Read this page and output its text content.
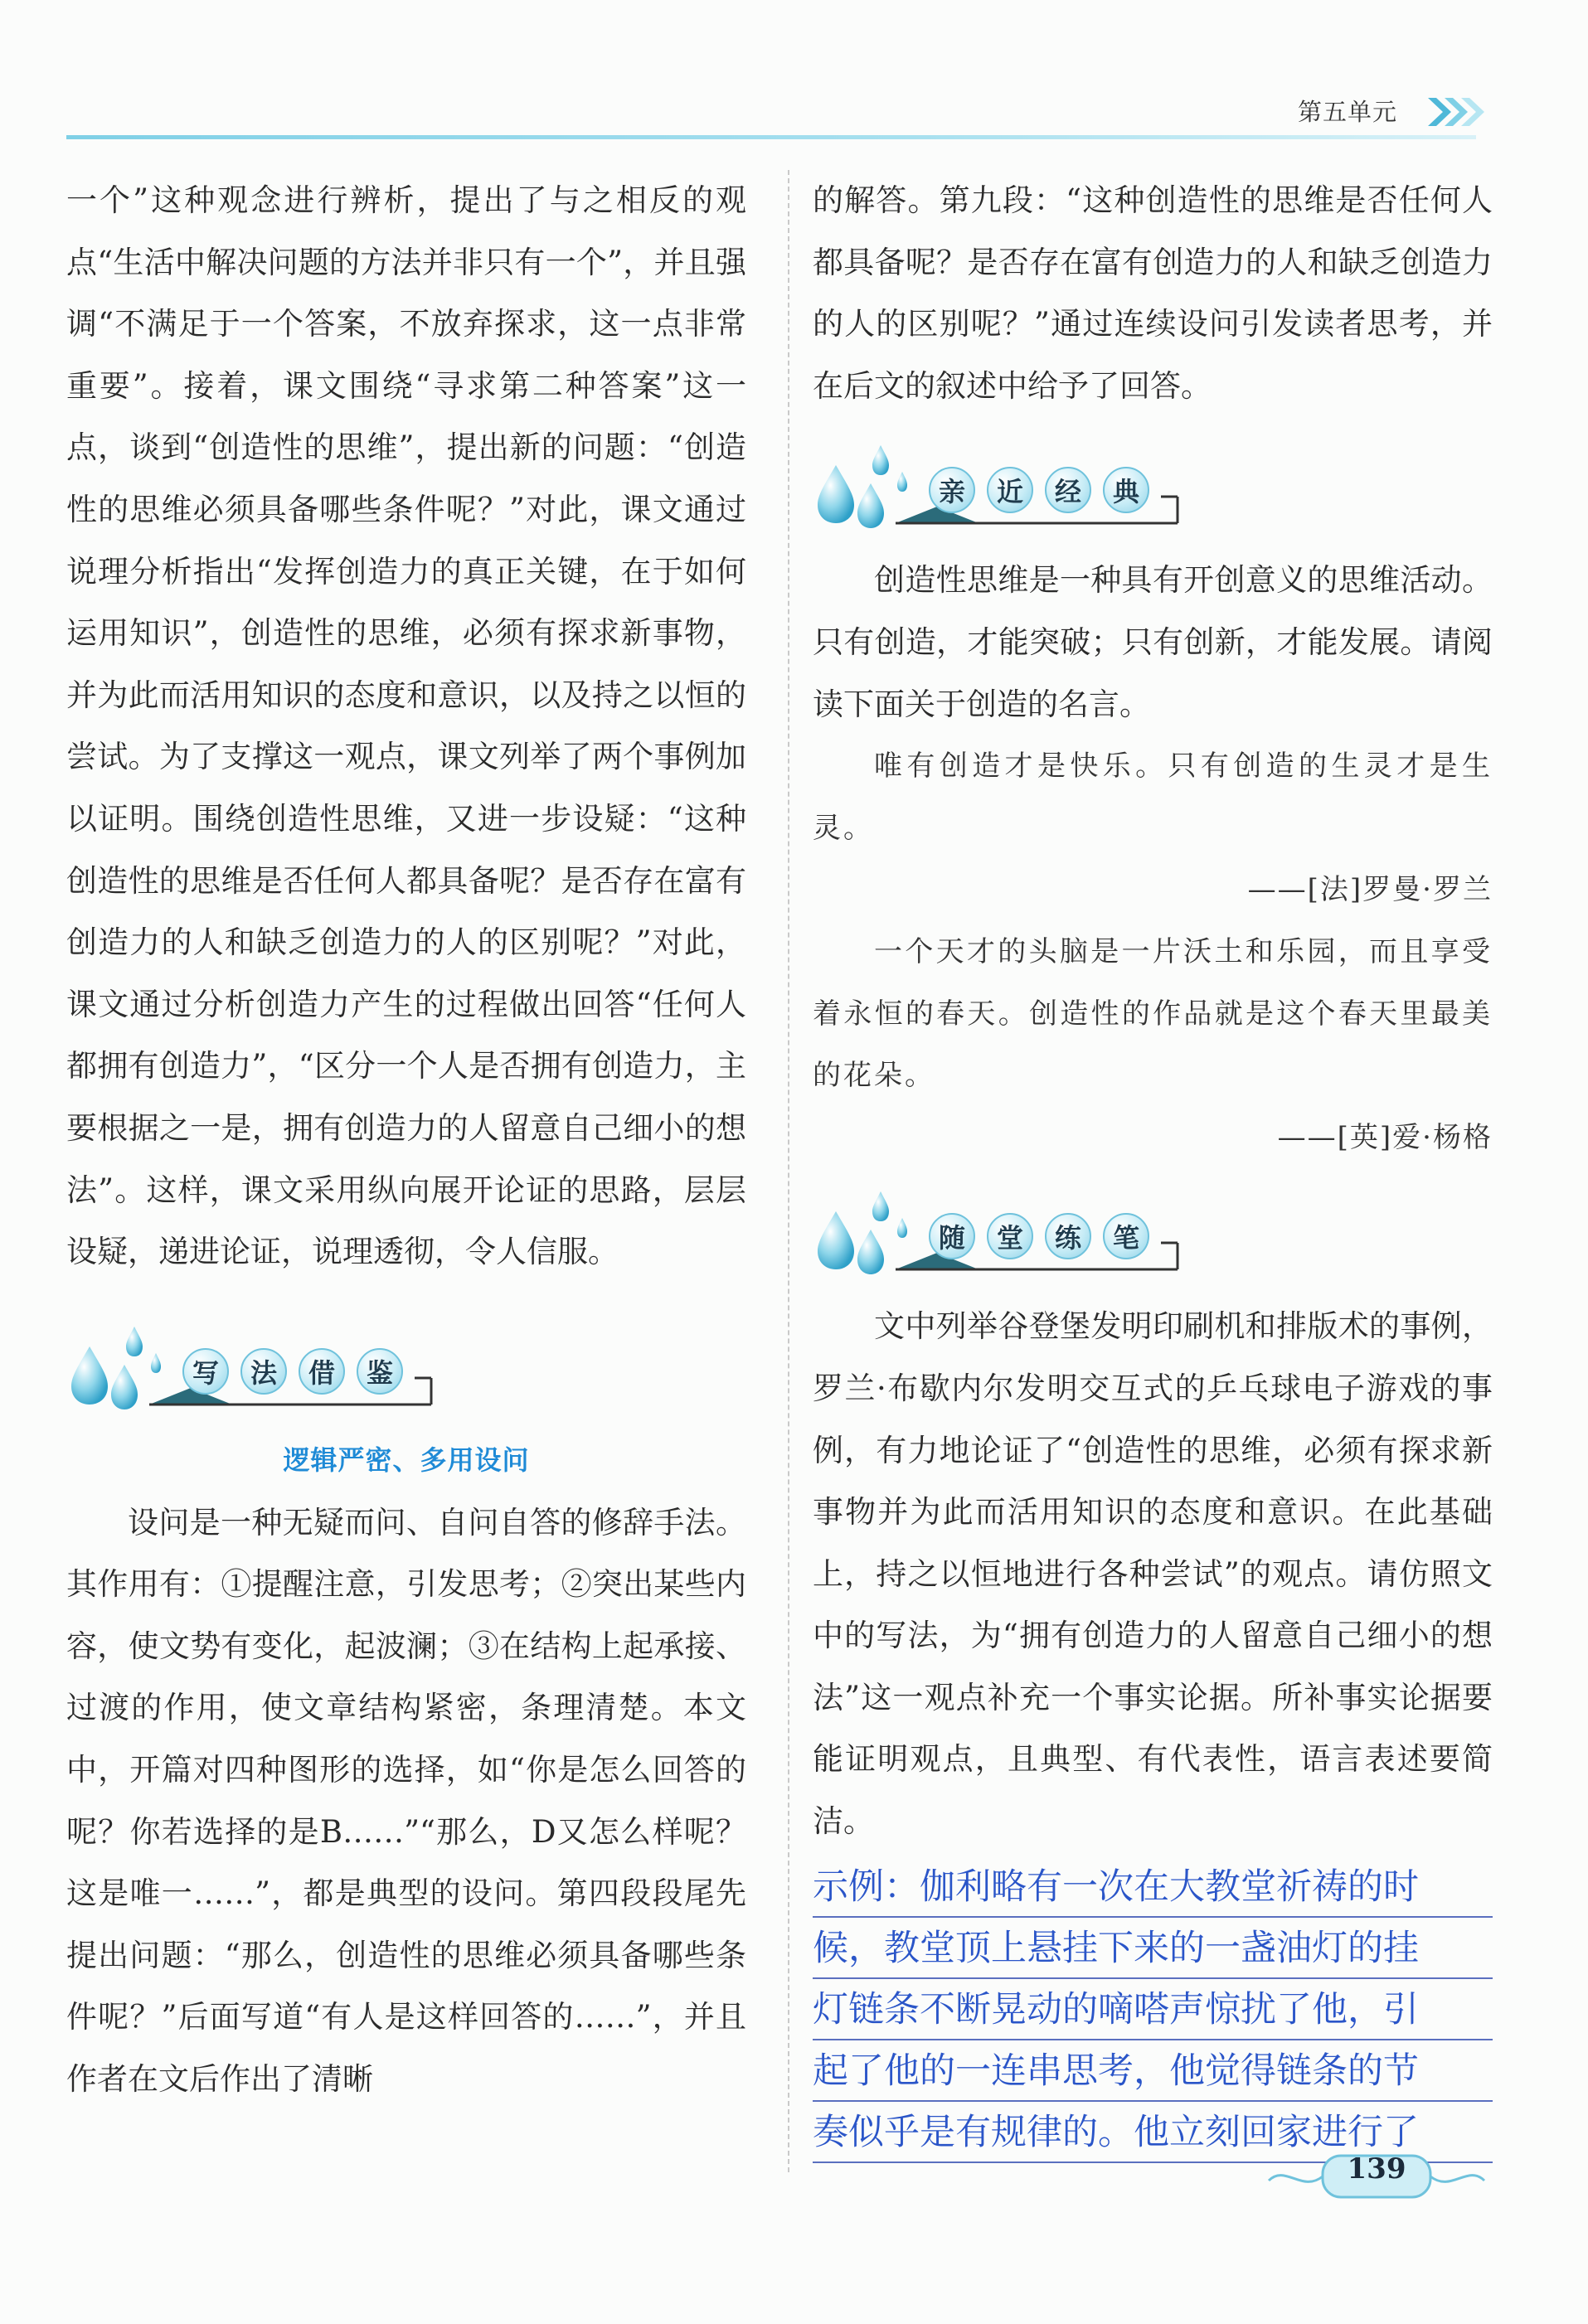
第五单元

一个”这种观念进行辨析，提出了与之相反的观点“生活中解决问题的方法并非只有一个”，并且强调“不满足于一个答案，不放弃探求，这一点非常重要”。接着，课文围绕“寻求第二种答案”这一点，谈到“创造性的思维”，提出新的问题：“创造性的思维必须具备哪些条件呢？”对此，课文通过说理分析指出“发挥创造力的真正关键，在于如何运用知识”，创造性的思维，必须有探求新事物，并为此而活用知识的态度和意识，以及持之以恒的尝试。为了支撑这一观点，课文列举了两个事例加以证明。围绕创造性思维，又进一步设疑：“这种创造性的思维是否任何人都具备呢？是否存在富有创造力的人和缺乏创造力的人的区别呢？”对此，课文通过分析创造力产生的过程做出回答“任何人都拥有创造力”，“区分一个人是否拥有创造力，主要根据之一是，拥有创造力的人留意自己细小的想法”。这样，课文采用纵向展开论证的思路，层层设疑，递进论证，说理透彻，令人信服。

写	法	借	鉴
逻辑严密、多用设问

设问是一种无疑而问、自问自答的修辞手法。其作用有：①提醒注意，引发思考；②突出某些内容，使文势有变化，起波澜；③在结构上起承接、过渡的作用，使文章结构紧密，条理清楚。本文中，开篇对四种图形的选择，如“你是怎么回答的呢？你若选择的是B……”“那么，D又怎么样呢？这是唯一……”，都是典型的设问。第四段段尾先提出问题：“那么，创造性的思维必须具备哪些条件呢？”后面写道“有人是这样回答的……”，并且作者在文后作出了清晰

的解答。第九段：“这种创造性的思维是否任何人都具备呢？是否存在富有创造力的人和缺乏创造力的人的区别呢？”通过连续设问引发读者思考，并在后文的叙述中给予了回答。

亲	近	经	典

创造性思维是一种具有开创意义的思维活动。只有创造，才能突破；只有创新，才能发展。请阅读下面关于创造的名言。

唯有创造才是快乐。只有创造的生灵才是生灵。

——[法]罗曼·罗兰

一个天才的头脑是一片沃土和乐园，而且享受着永恒的春天。创造性的作品就是这个春天里最美的花朵。

——[英]爱·杨格

随	堂	练	笔

文中列举谷登堡发明印刷机和排版术的事例，罗兰·布歇内尔发明交互式的乒乓球电子游戏的事例，有力地论证了“创造性的思维，必须有探求新事物并为此而活用知识的态度和意识。在此基础上，持之以恒地进行各种尝试”的观点。请仿照文中的写法，为“拥有创造力的人留意自己细小的想法”这一观点补充一个事实论据。所补事实论据要能证明观点，且典型、有代表性，语言表述要简洁。

示例：伽利略有一次在大教堂祈祷的时
候，教堂顶上悬挂下来的一盏油灯的挂
灯链条不断晃动的嘀嗒声惊扰了他，引
起了他的一连串思考，他觉得链条的节
奏似乎是有规律的。他立刻回家进行了
139
